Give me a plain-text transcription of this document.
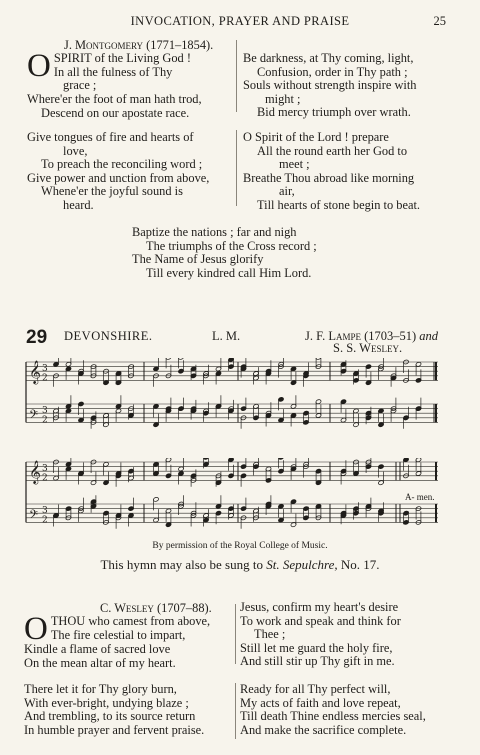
INVOCATION, PRAYER AND PRAISE	25
J. Montgomery (1771–1854).
O SPIRIT of the Living God !
In all the fulness of Thy
grace ;
Where'er the foot of man hath trod,
Descend on our apostate race.
Be darkness, at Thy coming, light,
Confusion, order in Thy path ;
Souls without strength inspire with
might ;
Bid mercy triumph over wrath.
Give tongues of fire and hearts of
love,
To preach the reconciling word ;
Give power and unction from above,
Whene'er the joyful sound is
heard.
O Spirit of the Lord ! prepare
All the round earth her God to
meet ;
Breathe Thou abroad like morning
air,
Till hearts of stone begin to beat.
Baptize the nations ; far and nigh
The triumphs of the Cross record ;
The Name of Jesus glorify
Till every kindred call Him Lord.
29 DEVONSHIRE.	L. M.	J. F. Lampe (1703–51) and
S. S. Wesley.
𝄞 3
2
𝄢 3
2
𝄞 3
2
𝄢 3
2
A- men.
By permission of the Royal College of Music.
This hymn may also be sung to St. Sepulchre, No. 17.
C. Wesley (1707–88).
O THOU who camest from above,
The fire celestial to impart,
Kindle a flame of sacred love
On the mean altar of my heart.
Jesus, confirm my heart's desire
To work and speak and think for
Thee ;
Still let me guard the holy fire,
And still stir up Thy gift in me.
There let it for Thy glory burn,
With ever-bright, undying blaze ;
And trembling, to its source return
In humble prayer and fervent praise.
Ready for all Thy perfect will,
My acts of faith and love repeat,
Till death Thine endless mercies seal,
And make the sacrifice complete.
